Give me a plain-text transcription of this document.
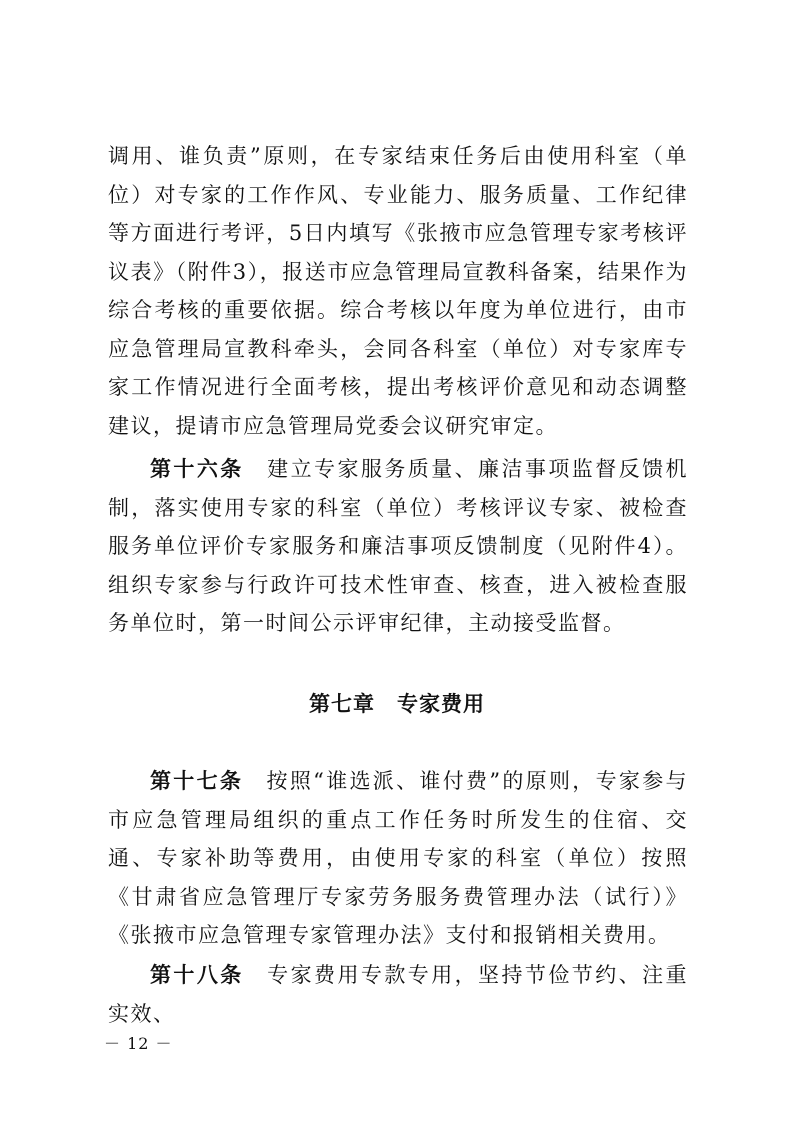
调用、谁负责”原则，在专家结束任务后由使用科室（单位）对专家的工作作风、专业能力、服务质量、工作纪律等方面进行考评，5日内填写《张掖市应急管理专家考核评议表》（附件3），报送市应急管理局宣教科备案，结果作为综合考核的重要依据。综合考核以年度为单位进行，由市应急管理局宣教科牵头，会同各科室（单位）对专家库专家工作情况进行全面考核，提出考核评价意见和动态调整建议，提请市应急管理局党委会议研究审定。

第十六条　 建立专家服务质量、廉洁事项监督反馈机制，落实使用专家的科室（单位）考核评议专家、被检查服务单位评价专家服务和廉洁事项反馈制度（见附件4）。组织专家参与行政许可技术性审查、核查，进入被检查服务单位时，第一时间公示评审纪律，主动接受监督。

第七章　专家费用

第十七条　 按照“谁选派、谁付费”的原则，专家参与市应急管理局组织的重点工作任务时所发生的住宿、交通、专家补助等费用，由使用专家的科室（单位）按照《甘肃省应急管理厅专家劳务服务费管理办法（试行）》《张掖市应急管理专家管理办法》支付和报销相关费用。

第十八条　 专家费用专款专用，坚持节俭节约、注重实效、

－ 12 －
